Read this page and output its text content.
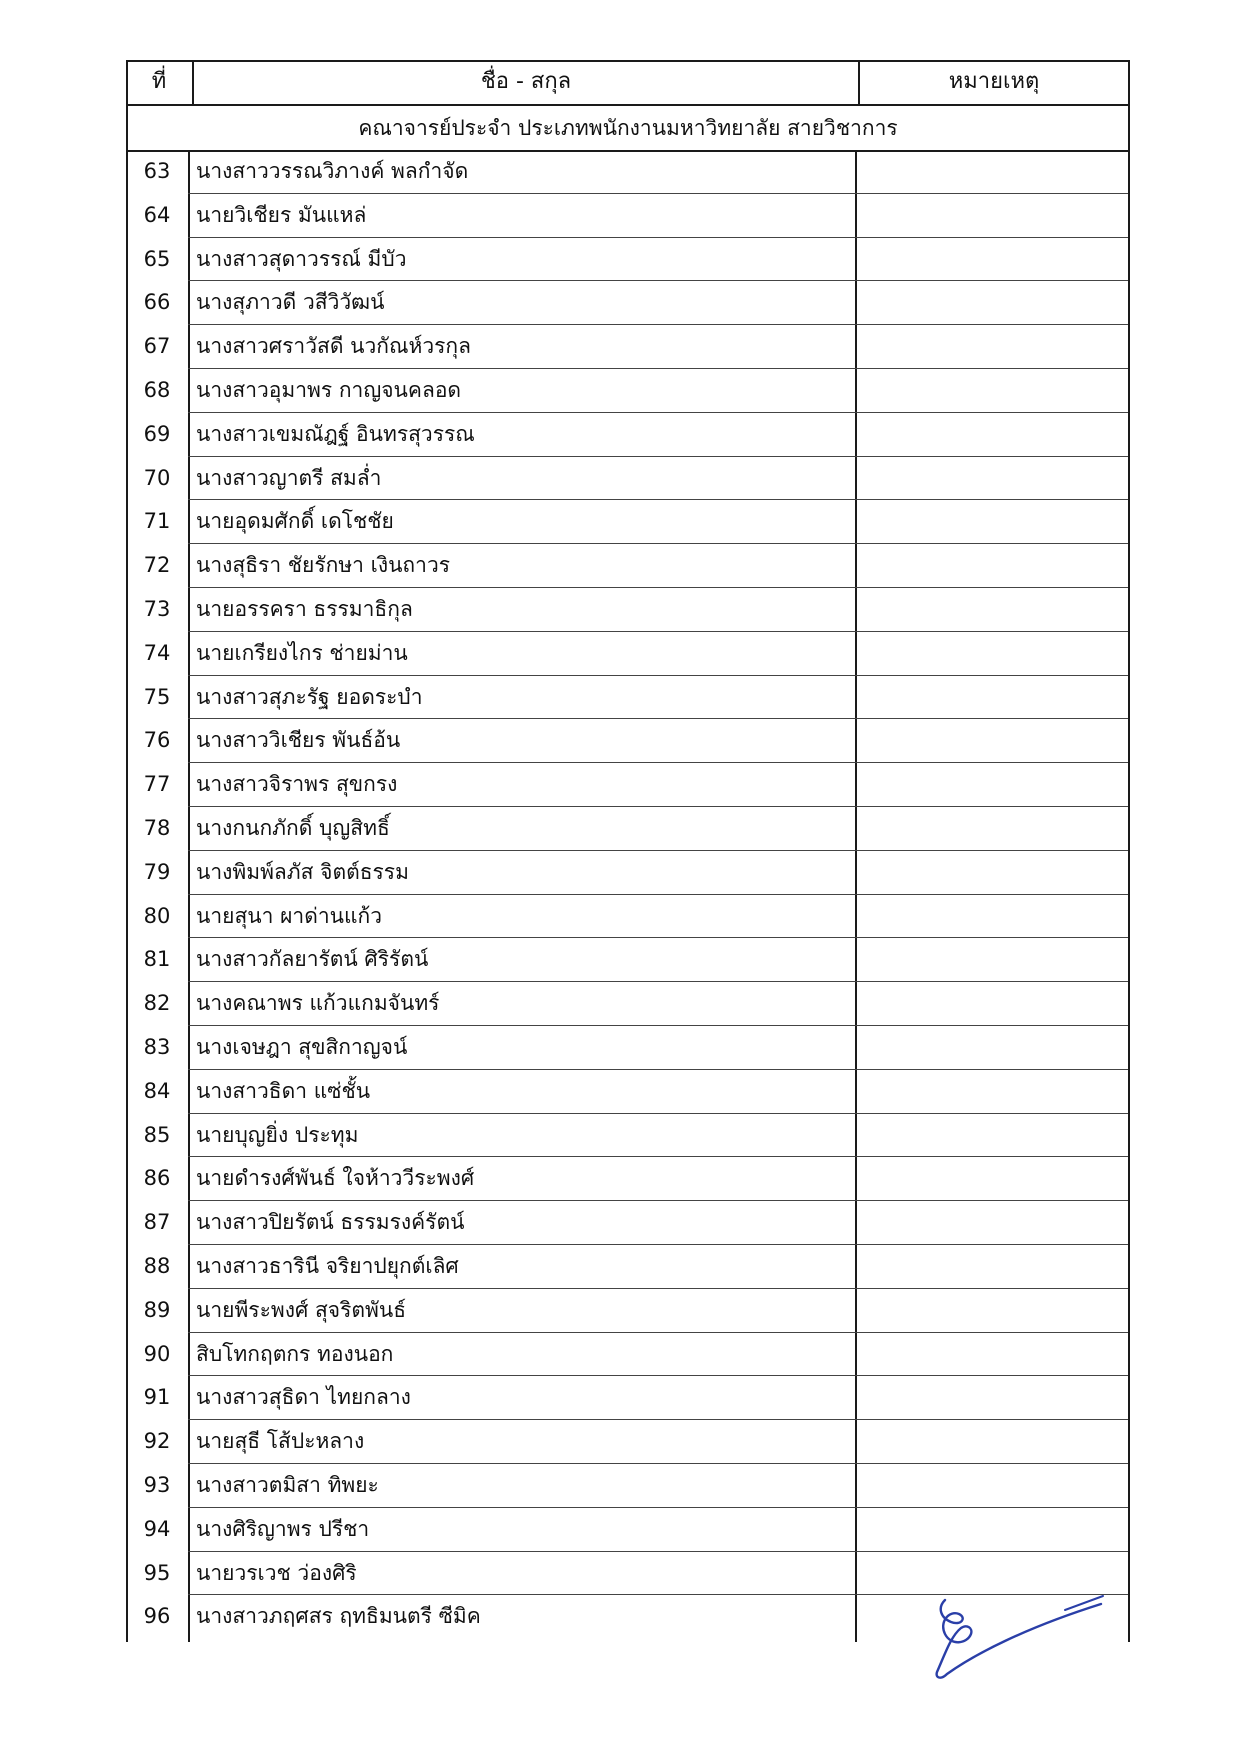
ที่	ชื่อ - สกุล	หมายเหตุ
คณาจารย์ประจำ ประเภทพนักงานมหาวิทยาลัย สายวิชาการ
63	นางสาววรรณวิภางค์ พลกำจัด
64	นายวิเชียร มันแหล่
65	นางสาวสุดาวรรณ์ มีบัว
66	นางสุภาวดี วสีวิวัฒน์
67	นางสาวศราวัสดี นวกัณห์วรกุล
68	นางสาวอุมาพร กาญจนคลอด
69	นางสาวเขมณัฎฐ์ อินทรสุวรรณ
70	นางสาวญาตรี สมล่ำ
71	นายอุดมศักดิ์ เดโชชัย
72	นางสุธิรา ชัยรักษา เงินถาวร
73	นายอรรครา ธรรมาธิกุล
74	นายเกรียงไกร ช่ายม่าน
75	นางสาวสุภะรัฐ ยอดระบำ
76	นางสาววิเชียร พันธ์อ้น
77	นางสาวจิราพร สุขกรง
78	นางกนกภักดิ์ บุญสิทธิ์
79	นางพิมพ์ลภัส จิตต์ธรรม
80	นายสุนา ผาด่านแก้ว
81	นางสาวกัลยารัตน์ ศิริรัตน์
82	นางคณาพร แก้วแกมจันทร์
83	นางเจษฎา สุขสิกาญจน์
84	นางสาวธิดา แซ่ชั้น
85	นายบุญยิ่ง ประทุม
86	นายดำรงศ์พันธ์ ใจห้าววีระพงศ์
87	นางสาวปิยรัตน์ ธรรมรงค์รัตน์
88	นางสาวธารินี จริยาปยุกต์เลิศ
89	นายพีระพงศ์ สุจริตพันธ์
90	สิบโทกฤตกร ทองนอก
91	นางสาวสุธิดา ไทยกลาง
92	นายสุธี โส้ปะหลาง
93	นางสาวตมิสา ทิพยะ
94	นางศิริญาพร ปรีชา
95	นายวรเวช ว่องศิริ
96	นางสาวภฤศสร ฤทธิมนตรี ซีมิค
